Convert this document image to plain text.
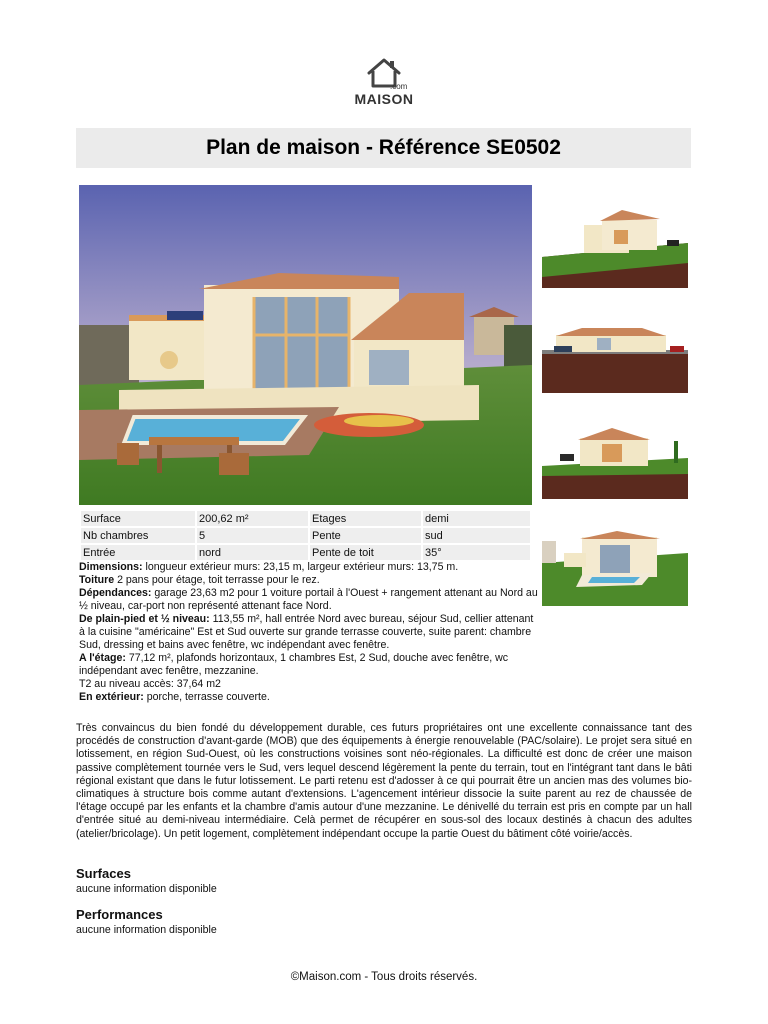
.com
MAISON
Plan de maison - Référence SE0502
Surface	200,62 m²	Etages	demi
Nb chambres	5	Pente	sud
Entrée	nord	Pente de toit	35°

Dimensions: longueur extérieur murs: 23,15 m, largeur extérieur murs: 13,75 m.

Toiture 2 pans pour étage, toit terrasse pour le rez.

Dépendances: garage 23,63 m2 pour 1 voiture portail à l'Ouest + rangement attenant au Nord au ½ niveau, car-port non représenté attenant face Nord.

De plain-pied et ½ niveau: 113,55 m², hall entrée Nord avec bureau, séjour Sud, cellier attenant à la cuisine "américaine" Est et Sud ouverte sur grande terrasse couverte, suite parent: chambre Sud, dressing et bains avec fenêtre, wc indépendant avec fenêtre.

A l'étage: 77,12 m², plafonds horizontaux, 1 chambres Est, 2 Sud, douche avec fenêtre, wc indépendant avec fenêtre, mezzanine.

T2 au niveau accès: 37,64 m2

En extérieur: porche, terrasse couverte.

Très convaincus du bien fondé du développement durable, ces futurs propriétaires ont une excellente connaissance tant des procédés de construction d'avant-garde (MOB) que des équipements à énergie renouvelable (PAC/solaire). Le projet sera situé en lotissement, en région Sud-Ouest, où les constructions voisines sont néo-régionales. La difficulté est donc de créer une maison passive complètement tournée vers le Sud, vers lequel descend légèrement la pente du terrain, tout en l'intégrant tant dans le bâti régional existant que dans le futur lotissement. Le parti retenu est d'adosser à ce qui pourrait être un ancien mas des volumes bio-climatiques à structure bois comme autant d'extensions. L'agencement intérieur dissocie la suite parent au rez de chaussée de l'étage occupé par les enfants et la chambre d'amis autour d'une mezzanine. Le dénivellé du terrain est pris en compte par un hall d'entrée situé au demi-niveau intermédiaire. Celà permet de récupérer en sous-sol des locaux destinés à chacun des adultes (atelier/bricolage). Un petit logement, complètement indépendant occupe la partie Ouest du bâtiment côté voirie/accès.

Surfaces

aucune information disponible

Performances

aucune information disponible

©Maison.com - Tous droits réservés.
